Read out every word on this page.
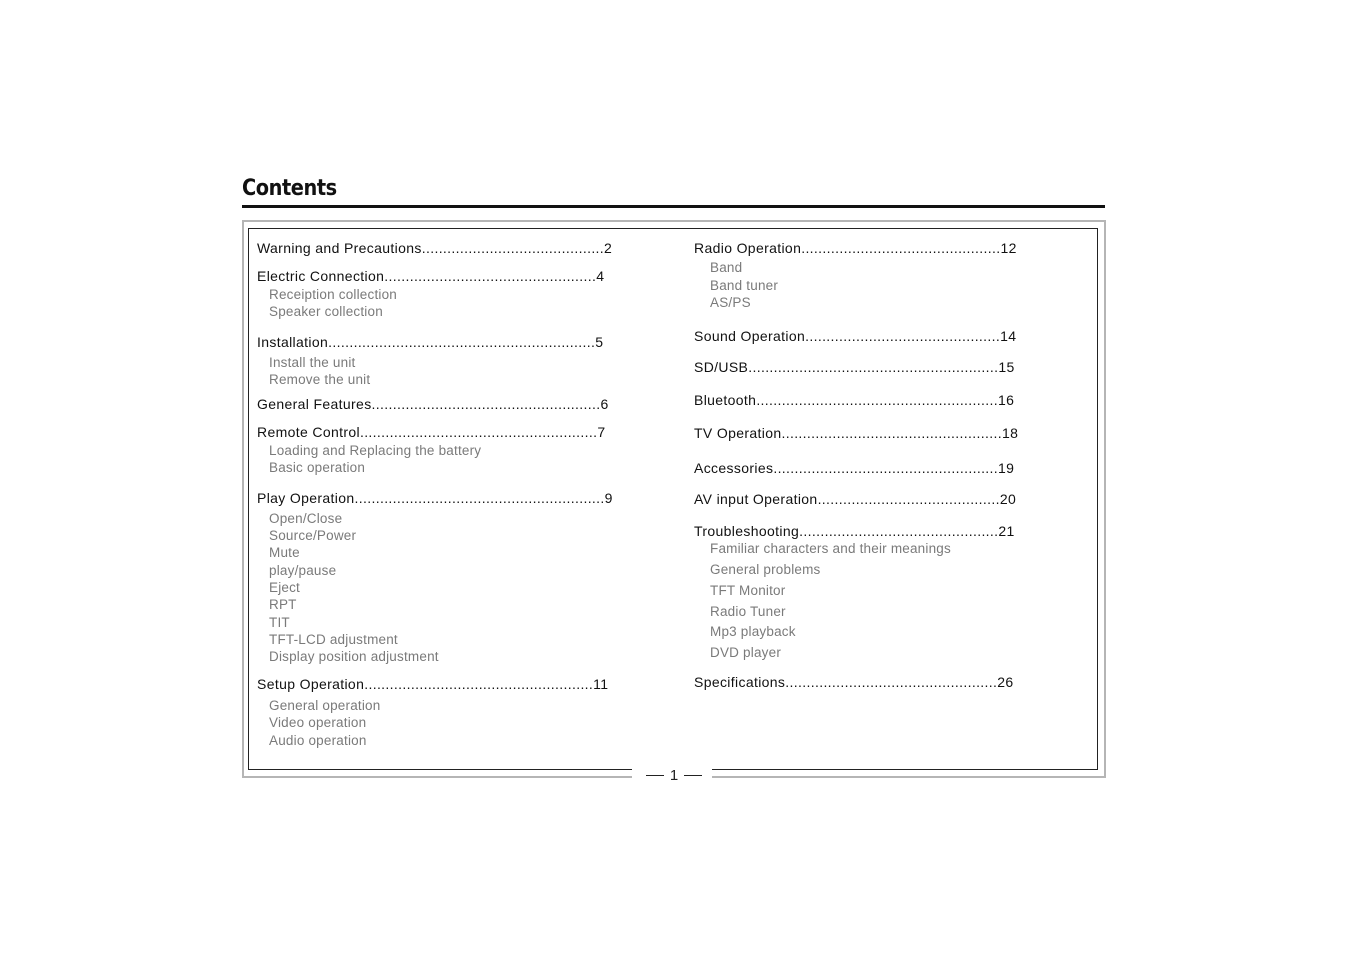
Contents
1
Warning and Precautions...........................................2
Electric Connection..................................................4
Receiption collection
Speaker collection
Installation...............................................................5
Install the unit
Remove the unit
General Features......................................................6
Remote Control........................................................7
Loading and Replacing the battery
Basic operation
Play Operation...........................................................9
Open/Close
Source/Power
Mute
play/pause
Eject
RPT
TIT
TFT-LCD adjustment
Display position adjustment
Setup Operation......................................................11
General operation
Video operation
Audio operation
Radio Operation...............................................12
Band
Band tuner
AS/PS
Sound Operation..............................................14
SD/USB...........................................................15
Bluetooth.........................................................16
TV Operation....................................................18
Accessories.....................................................19
AV input Operation...........................................20
Troubleshooting...............................................21
Familiar characters and their meanings
General problems
TFT Monitor
Radio Tuner
Mp3 playback
DVD player
Specifications..................................................26
